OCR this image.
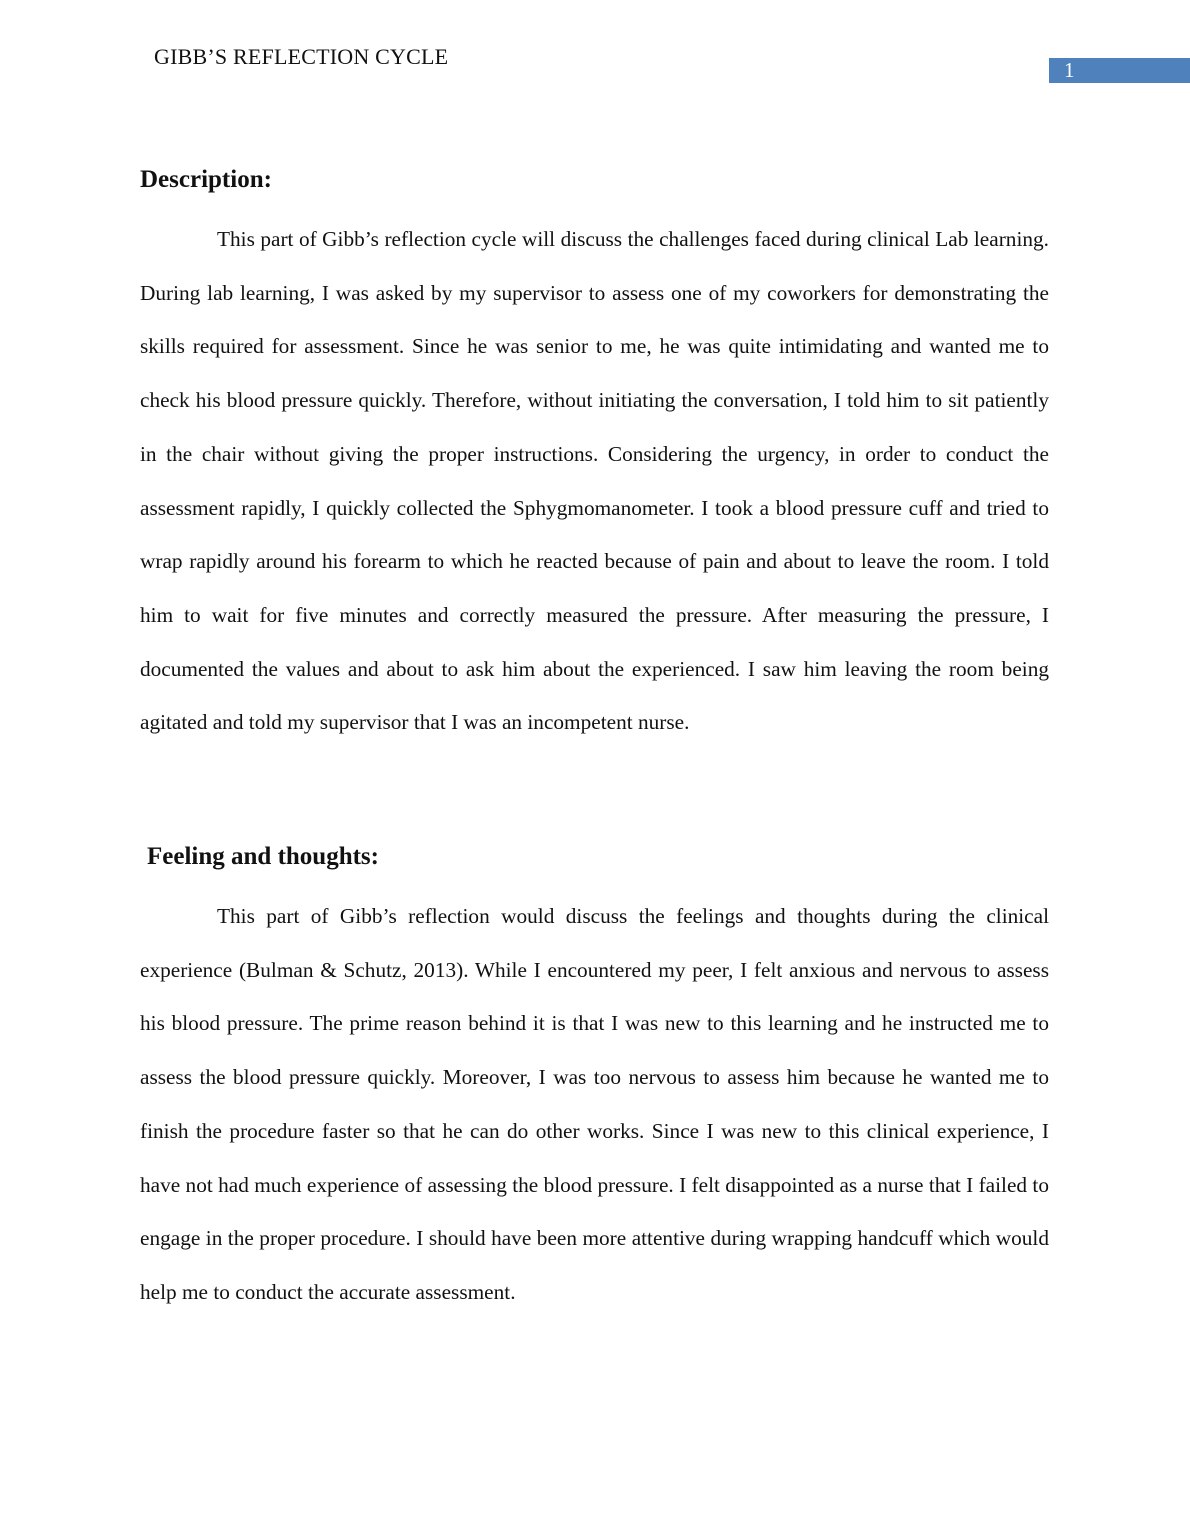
GIBB’S REFLECTION CYCLE
1
Description:

This part of Gibb’s reflection cycle will discuss the challenges faced during clinical Lab learning. During lab learning, I was asked by my supervisor to assess one of my coworkers for demonstrating the skills required for assessment. Since he was senior to me, he was quite intimidating and wanted me to check his blood pressure quickly. Therefore, without initiating the conversation, I told him to sit patiently in the chair without giving the proper instructions. Considering the urgency, in order to conduct the assessment rapidly, I quickly collected the Sphygmomanometer. I took a blood pressure cuff and tried to wrap rapidly around his forearm to which he reacted because of pain and about to leave the room. I told him to wait for five minutes and correctly measured the pressure. After measuring the pressure, I documented the values and about to ask him about the experienced. I saw him leaving the room being agitated and told my supervisor that I was an incompetent nurse.

Feeling and thoughts:

This part of Gibb’s reflection would discuss the feelings and thoughts during the clinical experience (Bulman & Schutz, 2013). While I encountered my peer, I felt anxious and nervous to assess his blood pressure. The prime reason behind it is that I was new to this learning and he instructed me to assess the blood pressure quickly. Moreover, I was too nervous to assess him because he wanted me to finish the procedure faster so that he can do other works. Since I was new to this clinical experience, I have not had much experience of assessing the blood pressure. I felt disappointed as a nurse that I failed to engage in the proper procedure. I should have been more attentive during wrapping handcuff which would help me to conduct the accurate assessment.
